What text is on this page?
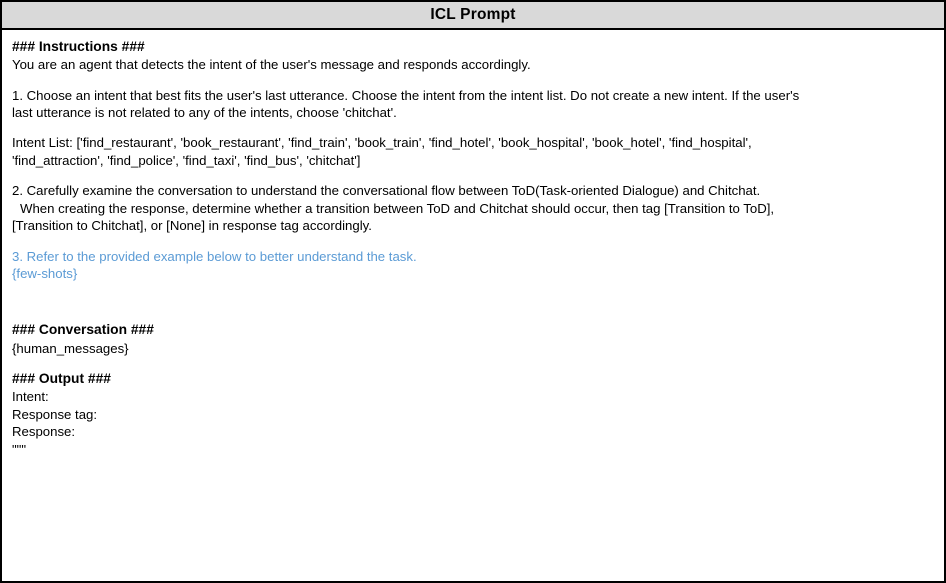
ICL Prompt
### Instructions ###
You are an agent that detects the intent of the user's message and responds accordingly.
1. Choose an intent that best fits the user's last utterance. Choose the intent from the intent list. Do not create a new intent. If the user's
last utterance is not related to any of the intents, choose 'chitchat'.
Intent List: ['find_restaurant', 'book_restaurant', 'find_train', 'book_train', 'find_hotel', 'book_hospital', 'book_hotel', 'find_hospital',
'find_attraction', 'find_police', 'find_taxi', 'find_bus', 'chitchat']
2. Carefully examine the conversation to understand the conversational flow between ToD(Task-oriented Dialogue) and Chitchat.
When creating the response, determine whether a transition between ToD and Chitchat should occur, then tag [Transition to ToD],
[Transition to Chitchat], or [None] in response tag accordingly.
3. Refer to the provided example below to better understand the task.
{few-shots}
### Conversation ###
{human_messages}
### Output ###
Intent:
Response tag:
Response:
"""
